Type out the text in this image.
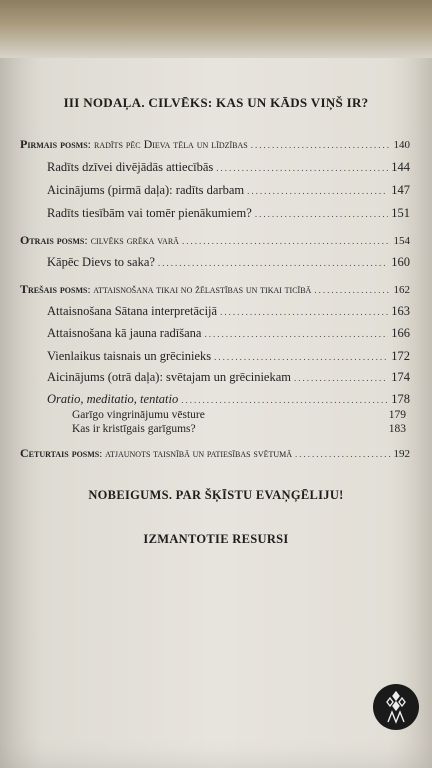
III NODAĻA. CILVĒKS: KAS UN KĀDS VIŅŠ IR?
Pirmais posms: radīts pēc Dieva tēla un līdzības .....	140
Radīts dzīvei divējādās attiecībās .....	144
Aicinājums (pirmā daļa): radīts darbam .....	147
Radīts tiesībām vai tomēr pienākumiem? .....	151
Otrais posms: cilvēks grēka varā .....	154
Kāpēc Dievs to saka? .....	160
Trešais posms: attaisnošana tikai no žēlastības un tikai ticībā .....	162
Attaisnošana Sātana interpretācijā .....	163
Attaisnošana kā jauna radīšana .....	166
Vienlaikus taisnais un grēcinieks .....	172
Aicinājums (otrā daļa): svētajam un grēciniekam .....	174
Oratio, meditatio, tentatio .....	178
Garīgo vingrinājumu vēsture	179
Kas ir kristīgais garīgums?	183
Ceturtais posms: atjaunots taisnībā un patiesības svētumā .....	192
NOBEIGUMS. PAR ŠĶĪSTU EVAŅĢĒLIJU!
IZMANTOTIE RESURSI
